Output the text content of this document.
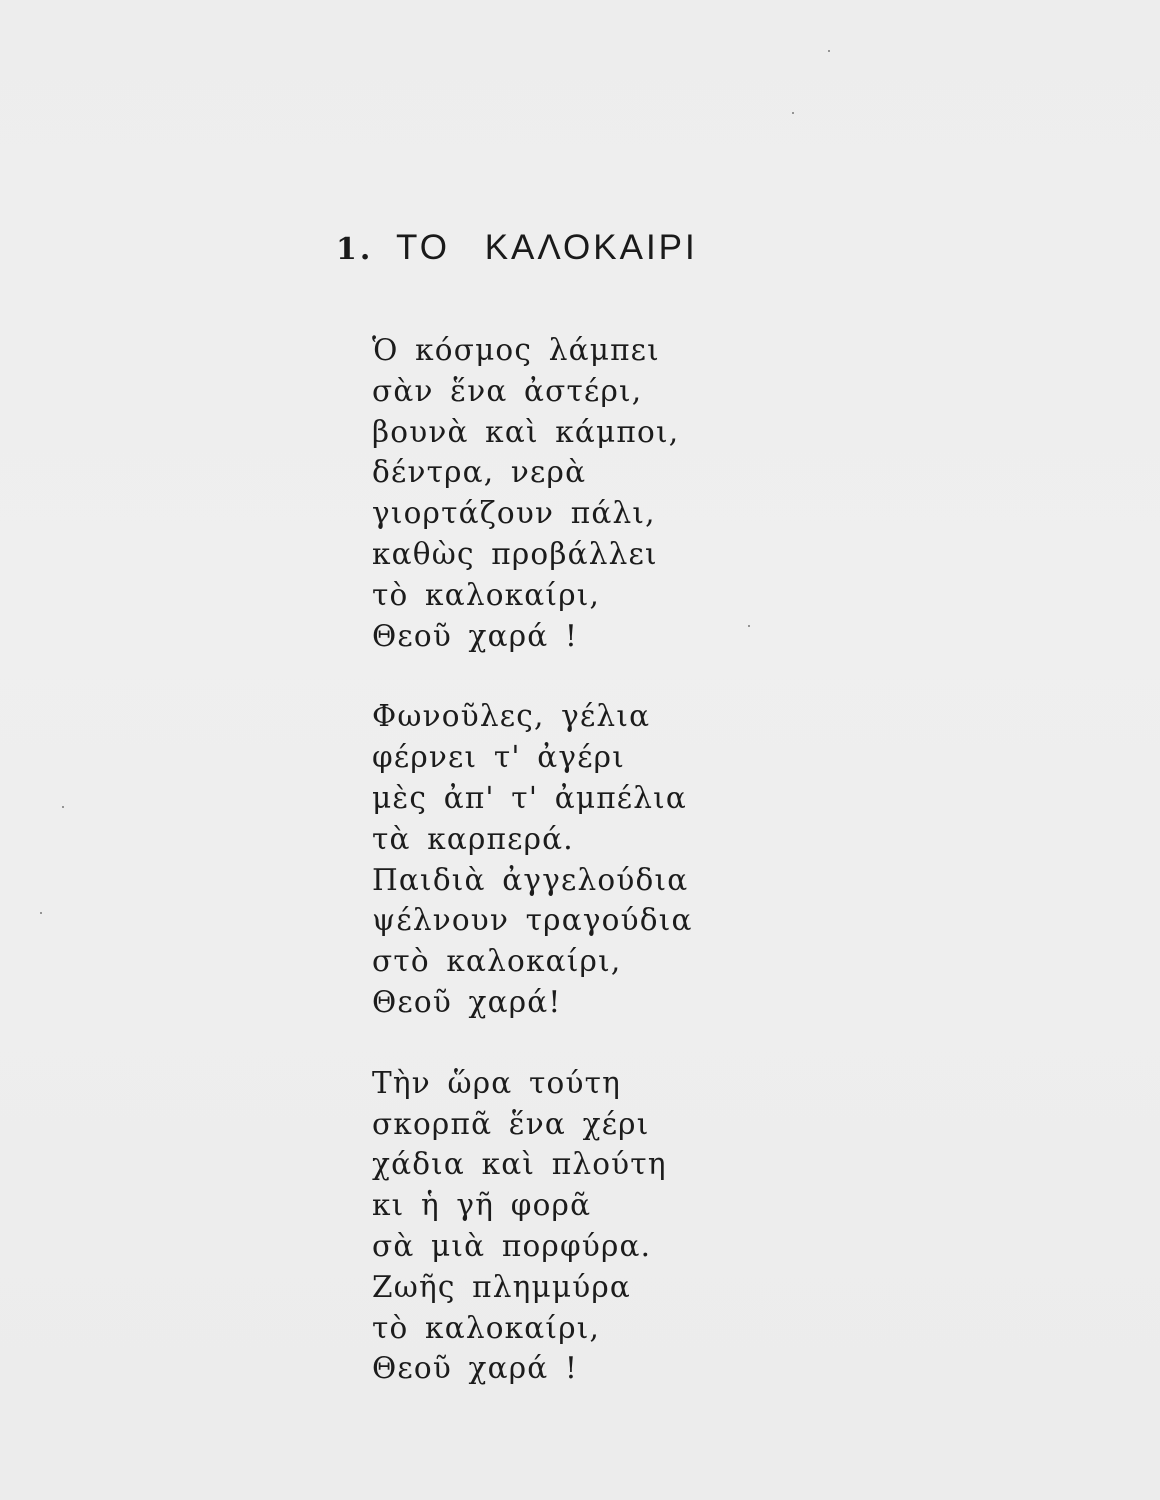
1. ΤΟ ΚΑΛΟΚΑΙΡΙ
Ὁ κόσμος λάμπει
σὰν ἕνα ἀστέρι,
βουνὰ καὶ κάμποι,
δέντρα, νερὰ
γιορτάζουν πάλι,
καθὼς προβάλλει
τὸ καλοκαίρι,
Θεοῦ χαρά !
Φωνοῦλες, γέλια
φέρνει τ' ἀγέρι
μὲς ἀπ' τ' ἀμπέλια
τὰ καρπερά.
Παιδιὰ ἀγγελούδια
ψέλνουν τραγούδια
στὸ καλοκαίρι,
Θεοῦ χαρά!
Τὴν ὥρα τούτη
σκορπᾶ ἕνα χέρι
χάδια καὶ πλούτη
κι ἡ γῆ φορᾶ
σὰ μιὰ πορφύρα.
Ζωῆς πλημμύρα
τὸ καλοκαίρι,
Θεοῦ χαρά !
